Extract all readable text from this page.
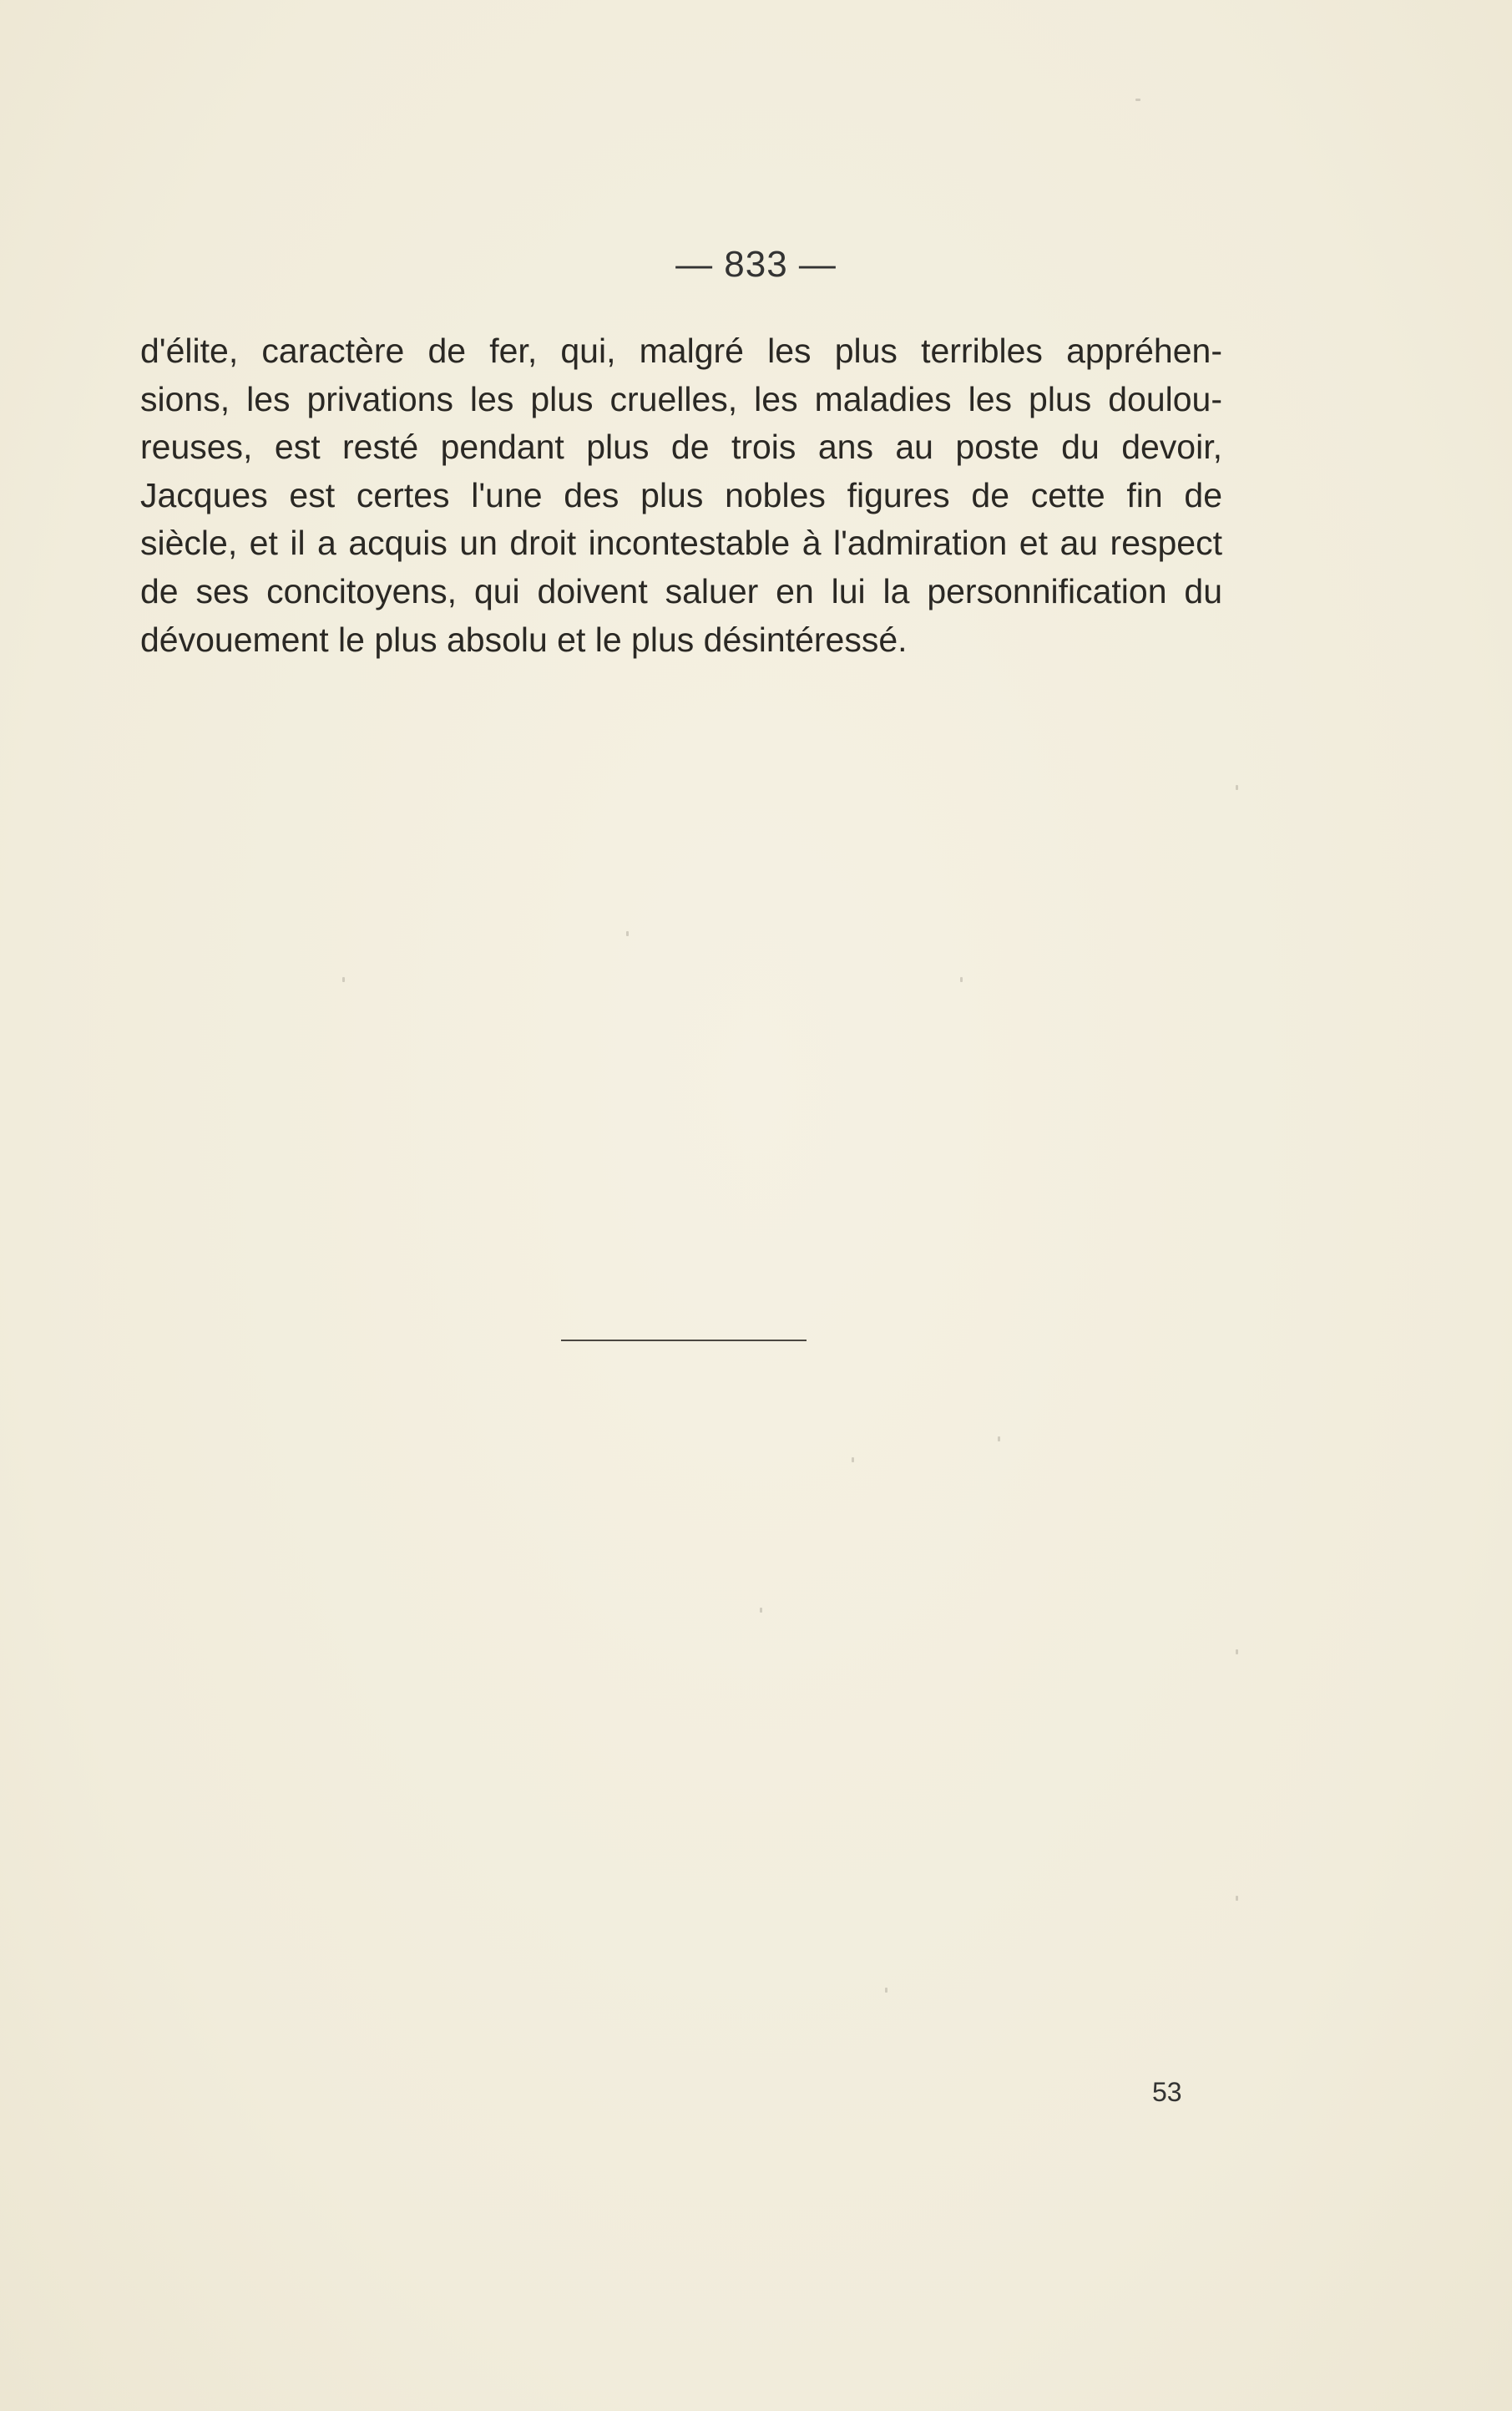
— 833 —
d'élite, caractère de fer, qui, malgré les plus terribles appréhen-
sions, les privations les plus cruelles, les maladies les plus doulou-
reuses, est resté pendant plus de trois ans au poste du devoir,
Jacques est certes l'une des plus nobles figures de cette fin de
siècle, et il a acquis un droit incontestable à l'admiration et au respect
de ses concitoyens, qui doivent saluer en lui la personnification du
dévouement le plus absolu et le plus désintéressé.
53
